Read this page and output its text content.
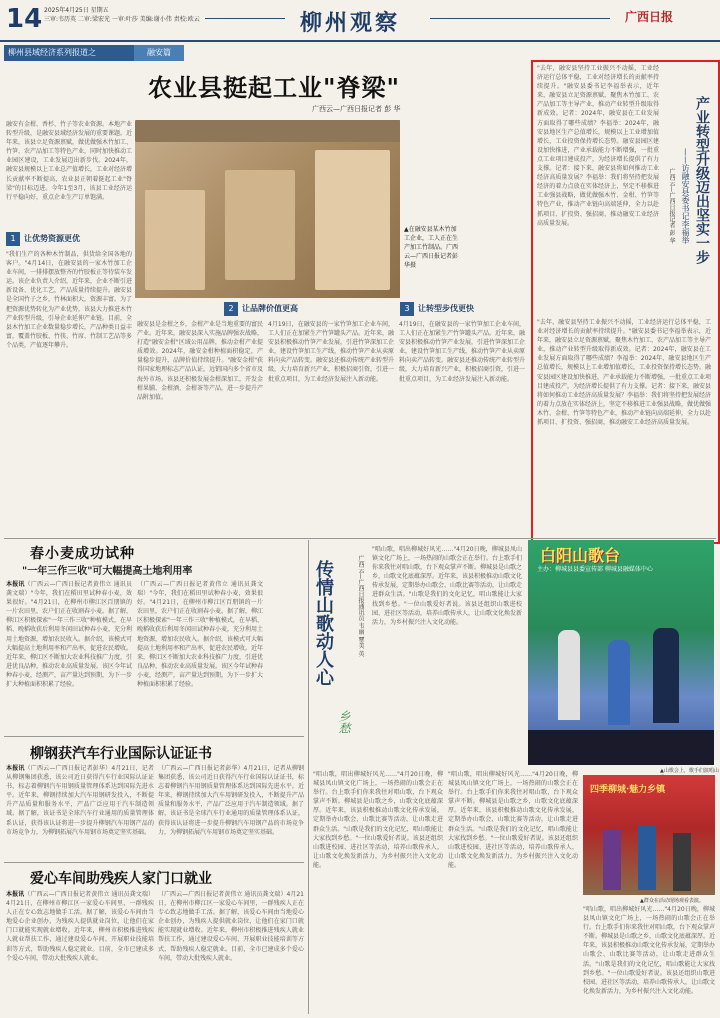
14 2025年4月25日 星期五
三审:韦历英 二审:梁宏光 一审:叶莎 美编:谢小伟 责校:欧云	柳州观察	广西日报
柳州县域经济系列报道之	融安篇
农业县挺起工业"脊梁"
广西云—广西日报记者 彭 华
融安有金柑、香杉、竹子等农业资源。本地产业转型升级，是融安县域经济发展的重要课题。近年来，该县立足资源禀赋，做优做强木竹加工、竹笋、农产品加工等特色产业，同时加快推动工业园区建设，工业发展迈出新步伐。2024年，融安县规模以上工业总产值增长，工业对经济增长贡献率不断提高，农业县正朝着挺起工业"脊梁"的目标迈进。今年1至3月，该县工业经济运行平稳向好，重点企业生产订单饱满。
1 让优势资源更优
"我们生产的各种木竹制品，供货给全国各地的客户。"4月14日，在融安县的一家木竹加工企业车间，一排排摆放整齐的竹胶板正等待装车发运。该企业负责人介绍，近年来，企业不断引进新设备、优化工艺，产品质量持续提升。融安县是全国竹子之乡，竹林面积大，资源丰富。为了把资源优势转化为产业优势，该县大力推进木竹产业转型升级，引导企业延伸产业链。目前，全县木竹加工企业数量稳步增长，产品种类日益丰富，覆盖竹胶板、竹筷、竹席、竹制工艺品等多个品类，产值逐年攀升。
▲在融安县某木竹加工企业，工人正在生产加工竹制品。广西云—广西日报记者彭华摄
2 让品牌价值更高	3 让转型步伐更快
融安县是金柑之乡，金柑产业是当地重要的富民产业。近年来，融安县深入实施品牌强农战略，打造"融安金柑"区域公用品牌，推动金柑产业提质增效。2024年，融安金柑种植面积稳定，产量稳步提升，品牌价值持续提升。"融安金柑"获得国家地理标志产品认证，远销国内多个省市及海外市场。该县还积极发展金柑深加工，开发金柑果脯、金柑酒、金柑茶等产品，进一步提升产品附加值。
4月19日，在融安县的一家竹笋加工企业车间，工人们正在加紧生产竹笋罐头产品。近年来，融安县积极推动竹笋产业发展，引进竹笋深加工企业，建设竹笋加工生产线，推动竹笋产业从卖原料向卖产品转变。融安县还推动传统产业转型升级，大力培育新兴产业，积极招商引资，引进一批重点项目，为工业经济发展注入新动能。
4月19日，在融安县的一家竹笋加工企业车间，工人们正在加紧生产竹笋罐头产品。近年来，融安县积极推动竹笋产业发展，引进竹笋深加工企业，建设竹笋加工生产线，推动竹笋产业从卖原料向卖产品转变。融安县还推动传统产业转型升级，大力培育新兴产业，积极招商引资，引进一批重点项目，为工业经济发展注入新动能。
产业转型升级迈出坚实一步
——访融安县委书记李福举
广西云—广西日报记者 彭 华
"去年，融安县坚持工业振兴不动摇，工业经济运行总体平稳，工业对经济增长的贡献率持续提升。"融安县委书记李福举表示，近年来，融安县立足资源禀赋，聚焦木竹加工、农产品加工等主导产业，推动产业转型升级取得新成效。记者：2024年，融安县在工业发展方面取得了哪些成绩？李福举：2024年，融安县地区生产总值增长，规模以上工业增加值增长，工业投资保持增长态势。融安县园区建设加快推进，产业承载能力不断增强，一批重点工业项目建成投产，为经济增长提供了有力支撑。记者：接下来，融安县将如何推动工业经济高质量发展？李福举：我们将坚持把发展经济的着力点放在实体经济上，坚定不移推进工业强县战略，做优做强木竹、金柑、竹笋等特色产业，推动产业链向高端延伸，全力以赴抓项目、扩投资、强招商，推动融安工业经济高质量发展。
"去年，融安县坚持工业振兴不动摇，工业经济运行总体平稳，工业对经济增长的贡献率持续提升。"融安县委书记李福举表示，近年来，融安县立足资源禀赋，聚焦木竹加工、农产品加工等主导产业，推动产业转型升级取得新成效。记者：2024年，融安县在工业发展方面取得了哪些成绩？李福举：2024年，融安县地区生产总值增长，规模以上工业增加值增长，工业投资保持增长态势。融安县园区建设加快推进，产业承载能力不断增强，一批重点工业项目建成投产，为经济增长提供了有力支撑。记者：接下来，融安县将如何推动工业经济高质量发展？李福举：我们将坚持把发展经济的着力点放在实体经济上，坚定不移推进工业强县战略，做优做强木竹、金柑、竹笋等特色产业，推动产业链向高端延伸，全力以赴抓项目、扩投资、强招商，推动融安工业经济高质量发展。
春小麦成功试种
"一年三作三收"可大幅提高土地利用率
本报讯（广西云—广西日报记者黄伟立 通讯员龚文瑞）"今年，我们在稻田里试种春小麦，效果很好。"4月21日，在柳州市柳江区百朋镇的一片农田里，农户们正在收割春小麦。据了解，柳江区积极探索"一年三作三收"种植模式，在早稻、晚稻收获后利用冬闲田试种春小麦，充分利用土地资源，增加农民收入。据介绍，该模式可大幅提高土地利用率和产出率，促进农民增收。近年来，柳江区不断加大农业科技推广力度，引进优良品种，推动农业高质量发展。该区今年试种春小麦，经测产，亩产量达到预期，为下一步扩大种植面积积累了经验。
（广西云—广西日报记者黄伟立 通讯员龚文瑞）"今年，我们在稻田里试种春小麦，效果很好。"4月21日，在柳州市柳江区百朋镇的一片农田里，农户们正在收割春小麦。据了解，柳江区积极探索"一年三作三收"种植模式，在早稻、晚稻收获后利用冬闲田试种春小麦，充分利用土地资源，增加农民收入。据介绍，该模式可大幅提高土地利用率和产出率，促进农民增收。近年来，柳江区不断加大农业科技推广力度，引进优良品种，推动农业高质量发展。该区今年试种春小麦，经测产，亩产量达到预期，为下一步扩大种植面积积累了经验。
柳钢获汽车行业国际认证证书
本报讯（广西云—广西日报记者彭华）4月21日，记者从柳钢集团获悉，该公司近日获得汽车行业国际认证证书，标志着柳钢汽车用钢质量管理体系达到国际先进水平。近年来，柳钢持续加大汽车用钢研发投入，不断提升产品质量和服务水平，产品广泛应用于汽车制造领域。据了解，该证书是全球汽车行业通用的质量管理体系认证，获得该认证将进一步提升柳钢汽车用钢产品的市场竞争力，为柳钢拓展汽车用钢市场奠定坚实基础。
（广西云—广西日报记者彭华）4月21日，记者从柳钢集团获悉，该公司近日获得汽车行业国际认证证书，标志着柳钢汽车用钢质量管理体系达到国际先进水平。近年来，柳钢持续加大汽车用钢研发投入，不断提升产品质量和服务水平，产品广泛应用于汽车制造领域。据了解，该证书是全球汽车行业通用的质量管理体系认证，获得该认证将进一步提升柳钢汽车用钢产品的市场竞争力，为柳钢拓展汽车用钢市场奠定坚实基础。
爱心车间助残疾人家门口就业
本报讯（广西云—广西日报记者黄伟立 通讯员龚文瑞）4月21日，在柳州市柳江区一家爱心车间里，一群残疾人正在专心致志地做手工活。据了解，该爱心车间由当地爱心企业创办，为残疾人提供就业岗位，让他们在家门口就能实现就业增收。近年来，柳州市积极推进残疾人就业帮扶工作，通过建设爱心车间、开展职业技能培训等方式，帮助残疾人稳定就业。目前，全市已建成多个爱心车间，带动大批残疾人就业。
（广西云—广西日报记者黄伟立 通讯员龚文瑞）4月21日，在柳州市柳江区一家爱心车间里，一群残疾人正在专心致志地做手工活。据了解，该爱心车间由当地爱心企业创办，为残疾人提供就业岗位，让他们在家门口就能实现就业增收。近年来，柳州市积极推进残疾人就业帮扶工作，通过建设爱心车间、开展职业技能培训等方式，帮助残疾人稳定就业。目前，全市已建成多个爱心车间，带动大批残疾人就业。
传情山歌动人心
乡愁
广西云—广西日报通讯员 韦丽 覃美 英
"唱山歌，唱出柳城好风光……"4月20日晚，柳城县凤山镇文化广场上，一场热闹的山歌会正在举行。台上歌手们你来我往对唱山歌，台下观众掌声不断。柳城县是山歌之乡，山歌文化底蕴深厚。近年来，该县积极推动山歌文化传承发展，定期举办山歌会、山歌比赛等活动，让山歌走进群众生活。"山歌是我们的文化记忆，唱山歌能让大家找到乡愁。"一位山歌爱好者说。该县还组织山歌进校园、进社区等活动，培养山歌传承人，让山歌文化焕发新活力，为乡村振兴注入文化动能。
"唱山歌，唱出柳城好风光……"4月20日晚，柳城县凤山镇文化广场上，一场热闹的山歌会正在举行。台上歌手们你来我往对唱山歌，台下观众掌声不断。柳城县是山歌之乡，山歌文化底蕴深厚。近年来，该县积极推动山歌文化传承发展，定期举办山歌会、山歌比赛等活动，让山歌走进群众生活。"山歌是我们的文化记忆，唱山歌能让大家找到乡愁。"一位山歌爱好者说。该县还组织山歌进校园、进社区等活动，培养山歌传承人，让山歌文化焕发新活力，为乡村振兴注入文化动能。
"唱山歌，唱出柳城好风光……"4月20日晚，柳城县凤山镇文化广场上，一场热闹的山歌会正在举行。台上歌手们你来我往对唱山歌，台下观众掌声不断。柳城县是山歌之乡，山歌文化底蕴深厚。近年来，该县积极推动山歌文化传承发展，定期举办山歌会、山歌比赛等活动，让山歌走进群众生活。"山歌是我们的文化记忆，唱山歌能让大家找到乡愁。"一位山歌爱好者说。该县还组织山歌进校园、进社区等活动，培养山歌传承人，让山歌文化焕发新活力，为乡村振兴注入文化动能。
"唱山歌，唱出柳城好风光……"4月20日晚，柳城县凤山镇文化广场上，一场热闹的山歌会正在举行。台上歌手们你来我往对唱山歌，台下观众掌声不断。柳城县是山歌之乡，山歌文化底蕴深厚。近年来，该县积极推动山歌文化传承发展，定期举办山歌会、山歌比赛等活动，让山歌走进群众生活。"山歌是我们的文化记忆，唱山歌能让大家找到乡愁。"一位山歌爱好者说。该县还组织山歌进校园、进社区等活动，培养山歌传承人，让山歌文化焕发新活力，为乡村振兴注入文化动能。
白阳山歌台
主办：柳城县县委宣传部 柳城县融媒体中心
▲山歌会上，歌手们演唱山
四季柳城·魅力乡镇
▲群众在活动现场观看表演。
